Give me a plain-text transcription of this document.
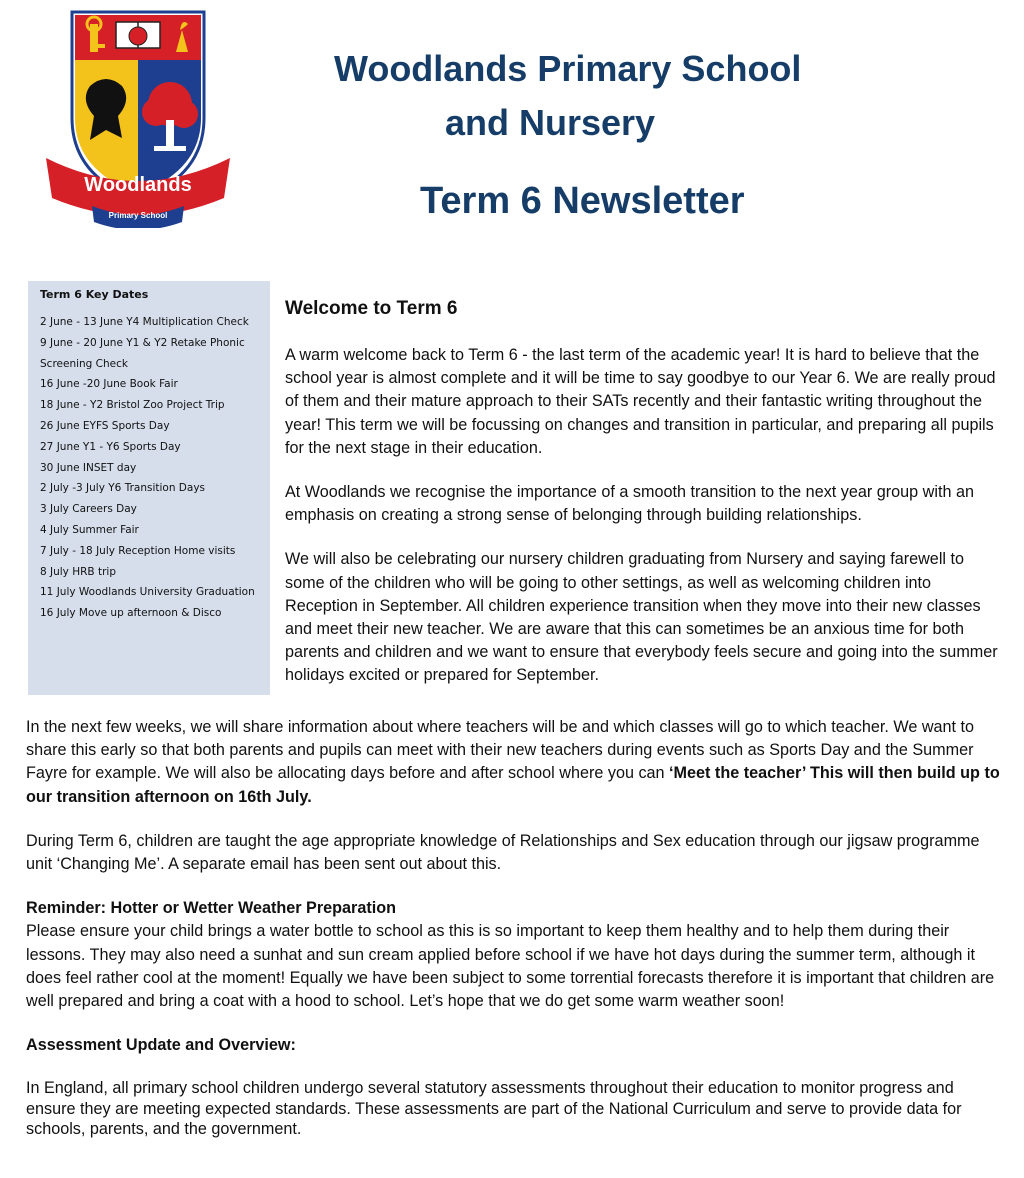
Woodlands
Primary School
Woodlands Primary School
and Nursery
Term 6 Newsletter
Term 6 Key Dates
2 June - 13 June Y4 Multiplication Check
9 June - 20 June Y1 & Y2 Retake Phonic Screening Check
16 June -20 June Book Fair
18 June - Y2 Bristol Zoo Project Trip
26 June EYFS Sports Day
27 June Y1 - Y6 Sports Day
30 June INSET day
2 July -3 July Y6 Transition Days
3 July Careers Day
4 July Summer Fair
7 July - 18 July Reception Home visits
8 July HRB trip
11 July Woodlands University Graduation
16 July Move up afternoon & Disco
Welcome to Term 6

A warm welcome back to Term 6 - the last term of the academic year! It is hard to believe that the school year is almost complete and it will be time to say goodbye to our Year 6. We are really proud of them and their mature approach to their SATs recently and their fantastic writing throughout the year! This term we will be focussing on changes and transition in particular, and preparing all pupils for the next stage in their education.

At Woodlands we recognise the importance of a smooth transition to the next year group with an emphasis on creating a strong sense of belonging through building relationships.

We will also be celebrating our nursery children graduating from Nursery and saying farewell to some of the children who will be going to other settings, as well as welcoming children into Reception in September. All children experience transition when they move into their new classes and meet their new teacher. We are aware that this can sometimes be an anxious time for both parents and children and we want to ensure that everybody feels secure and going into the summer holidays excited or prepared for September.

In the next few weeks, we will share information about where teachers will be and which classes will go to which teacher. We want to share this early so that both parents and pupils can meet with their new teachers during events such as Sports Day and the Summer Fayre for example. We will also be allocating days before and after school where you can ‘Meet the teacher’ This will then build up to our transition afternoon on 16th July.

During Term 6, children are taught the age appropriate knowledge of Relationships and Sex education through our jigsaw programme unit ‘Changing Me’. A separate email has been sent out about this.

Reminder: Hotter or Wetter Weather Preparation

Please ensure your child brings a water bottle to school as this is so important to keep them healthy and to help them during their lessons. They may also need a sunhat and sun cream applied before school if we have hot days during the summer term, although it does feel rather cool at the moment! Equally we have been subject to some torrential forecasts therefore it is important that children are well prepared and bring a coat with a hood to school. Let’s hope that we do get some warm weather soon!

Assessment Update and Overview:

In England, all primary school children undergo several statutory assessments throughout their education to monitor progress and ensure they are meeting expected standards. These assessments are part of the National Curriculum and serve to provide data for schools, parents, and the government.
